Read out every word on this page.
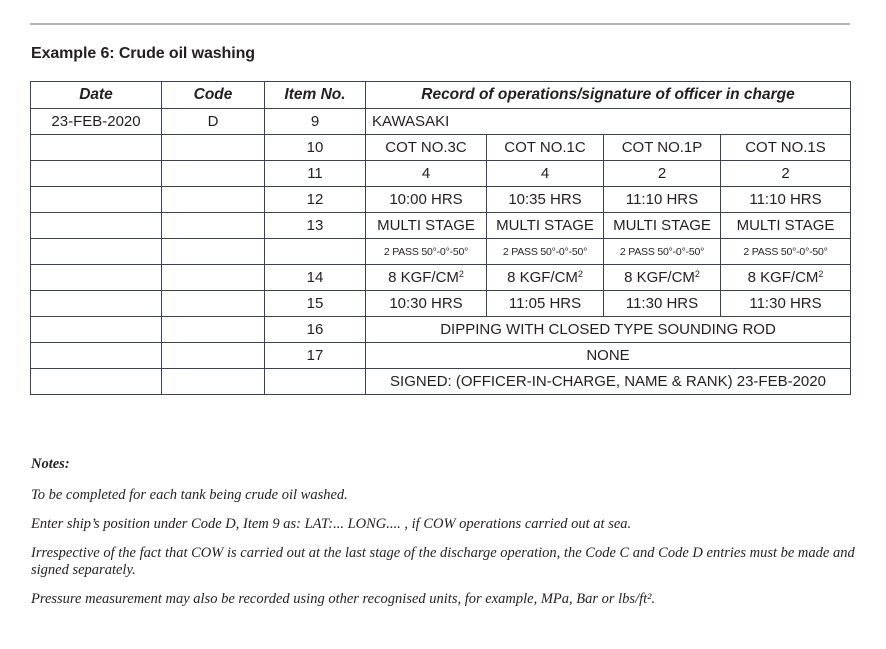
Example 6: Crude oil washing
Date	Code	Item No.	Record of operations/signature of officer in charge			
23-FEB-2020	D	9	KAWASAKI			
		10	COT NO.3C	COT NO.1C	COT NO.1P	COT NO.1S
		11	4	4	2	2
		12	10:00 HRS	10:35 HRS	11:10 HRS	11:10 HRS
		13	MULTI STAGE	MULTI STAGE	MULTI STAGE	MULTI STAGE
			2 PASS 50°-0°-50°	2 PASS 50°-0°-50°	2 PASS 50°-0°-50°	2 PASS 50°-0°-50°
		14	8 KGF/$CM^2$	8 KGF/$CM^2$	8 KGF/$CM^2$	8 KGF/$CM^2$
		15	10:30 HRS	11:05 HRS	11:30 HRS	11:30 HRS
		16	DIPPING WITH CLOSED TYPE SOUNDING ROD			
		17	NONE			
			SIGNED: (OFFICER-IN-CHARGE, NAME & RANK) 23-FEB-2020			
Notes:

To be completed for each tank being crude oil washed.

Enter ship’s position under Code D, Item 9 as: LAT:... LONG.... , if COW operations carried out at sea.

Irrespective of the fact that COW is carried out at the last stage of the discharge operation, the Code C and Code D entries must be made and signed separately.

Pressure measurement may also be recorded using other recognised units, for example, MPa, Bar or lbs/ft².
